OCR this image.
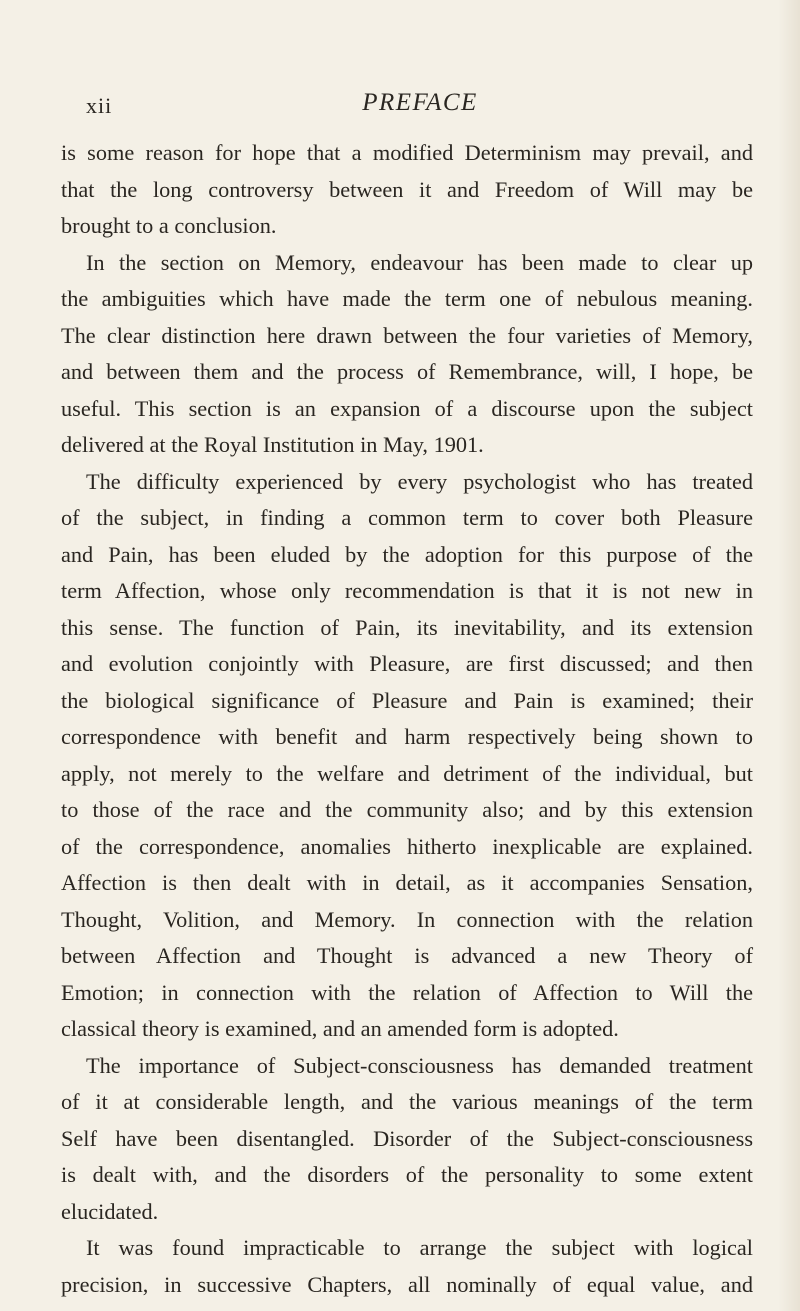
xii	PREFACE
is some reason for hope that a modified Determinism may prevail, and
that the long controversy between it and Freedom of Will may be
brought to a conclusion.
In the section on Memory, endeavour has been made to clear up
the ambiguities which have made the term one of nebulous meaning.
The clear distinction here drawn between the four varieties of Memory,
and between them and the process of Remembrance, will, I hope, be
useful. This section is an expansion of a discourse upon the subject
delivered at the Royal Institution in May, 1901.
The difficulty experienced by every psychologist who has treated
of the subject, in finding a common term to cover both Pleasure
and Pain, has been eluded by the adoption for this purpose of the
term Affection, whose only recommendation is that it is not new in
this sense. The function of Pain, its inevitability, and its extension
and evolution conjointly with Pleasure, are first discussed; and then
the biological significance of Pleasure and Pain is examined; their
correspondence with benefit and harm respectively being shown to
apply, not merely to the welfare and detriment of the individual, but
to those of the race and the community also; and by this extension
of the correspondence, anomalies hitherto inexplicable are explained.
Affection is then dealt with in detail, as it accompanies Sensation,
Thought, Volition, and Memory. In connection with the relation
between Affection and Thought is advanced a new Theory of
Emotion; in connection with the relation of Affection to Will the
classical theory is examined, and an amended form is adopted.
The importance of Subject-consciousness has demanded treatment
of it at considerable length, and the various meanings of the term
Self have been disentangled. Disorder of the Subject-consciousness
is dealt with, and the disorders of the personality to some extent
elucidated.
It was found impracticable to arrange the subject with logical
precision, in successive Chapters, all nominally of equal value, and
